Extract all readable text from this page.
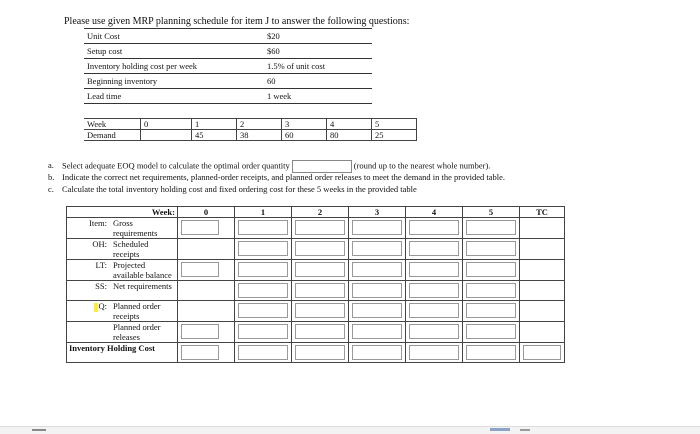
Please use given MRP planning schedule for item J to answer the following questions:
Unit Cost	$20
Setup cost	$60
Inventory holding cost per week	1.5% of unit cost
Beginning inventory	60
Lead time	1 week
Week	0	1	2	3	4	5
Demand		45	38	60	80	25
a. Select adequate EOQ model to calculate the optimal order quantity	(round up to the nearest whole number).
b. Indicate the correct net requirements, planned-order receipts, and planned order releases to meet the demand in the provided table.
c. Calculate the total inventory holding cost and fixed ordering cost for these 5 weeks in the provided table
	Week:	0	1	2	3	4	5	TC
Item:	Gross requirements	

OH:	Scheduled receipts		

LT:	Projected available balance	

SS:	Net requirements		

Q:	Planned order receipts		

	Planned order releases	

Inventory Holding Cost		
